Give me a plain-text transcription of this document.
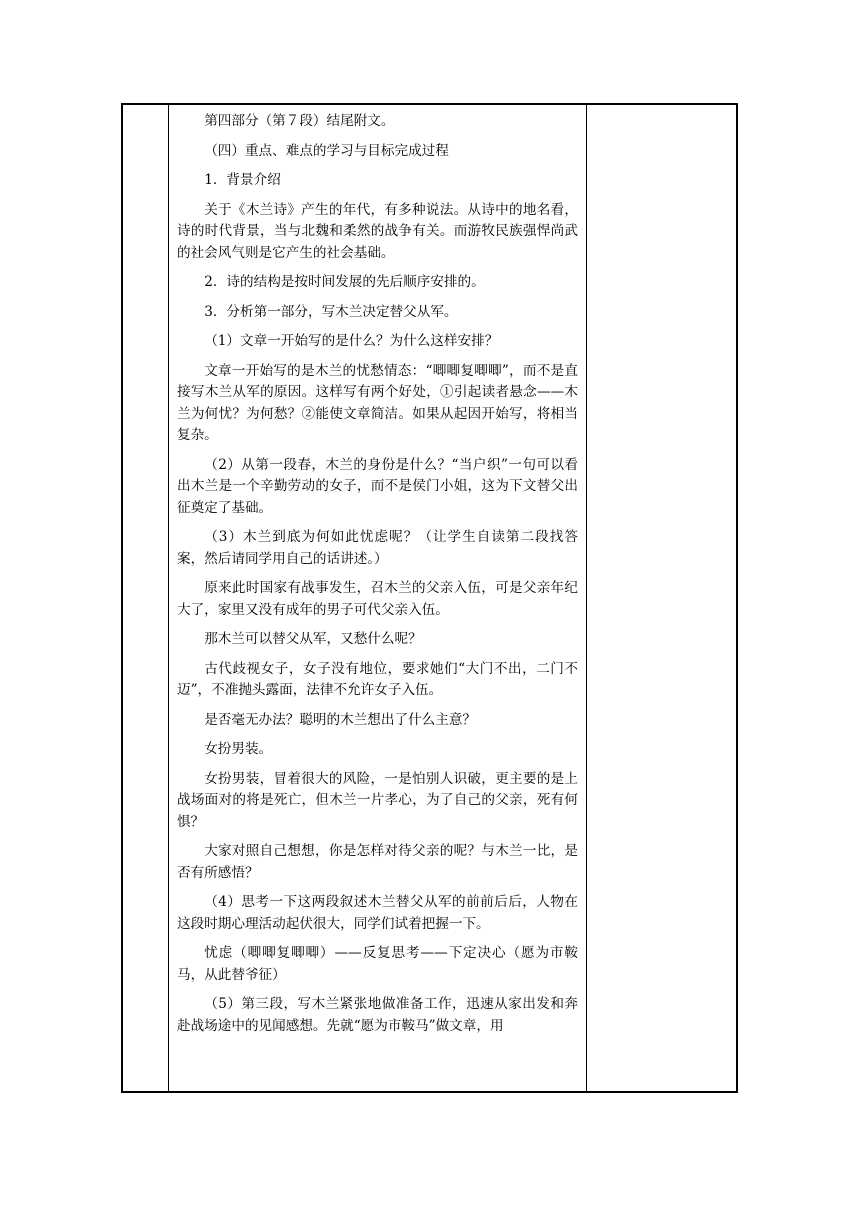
第四部分（第７段）结尾附文。

（四）重点、难点的学习与目标完成过程

1．背景介绍

关于《木兰诗》产生的年代，有多种说法。从诗中的地名看，诗的时代背景，当与北魏和柔然的战争有关。而游牧民族强悍尚武的社会风气则是它产生的社会基础。

2．诗的结构是按时间发展的先后顺序安排的。

3．分析第一部分，写木兰决定替父从军。

（1）文章一开始写的是什么？为什么这样安排？

文章一开始写的是木兰的忧愁情态：“唧唧复唧唧”，而不是直接写木兰从军的原因。这样写有两个好处，①引起读者悬念——木兰为何忧？为何愁？②能使文章简洁。如果从起因开始写，将相当复杂。

（2）从第一段春，木兰的身份是什么？“当户织”一句可以看出木兰是一个辛勤劳动的女子，而不是侯门小姐，这为下文替父出征奠定了基础。

（3）木兰到底为何如此忧虑呢？（让学生自读第二段找答案，然后请同学用自己的话讲述。）

原来此时国家有战事发生，召木兰的父亲入伍，可是父亲年纪大了，家里又没有成年的男子可代父亲入伍。

那木兰可以替父从军，又愁什么呢？

古代歧视女子，女子没有地位，要求她们“大门不出，二门不迈”，不准抛头露面，法律不允许女子入伍。

是否毫无办法？聪明的木兰想出了什么主意？

女扮男装。

女扮男装，冒着很大的风险，一是怕别人识破，更主要的是上战场面对的将是死亡，但木兰一片孝心，为了自己的父亲，死有何惧？

大家对照自己想想，你是怎样对待父亲的呢？与木兰一比，是否有所感悟？

（4）思考一下这两段叙述木兰替父从军的前前后后，人物在这段时期心理活动起伏很大，同学们试着把握一下。

忧虑（唧唧复唧唧）——反复思考——下定决心（愿为市鞍马，从此替爷征）

（5）第三段，写木兰紧张地做准备工作，迅速从家出发和奔赴战场途中的见闻感想。先就“愿为市鞍马”做文章，用
